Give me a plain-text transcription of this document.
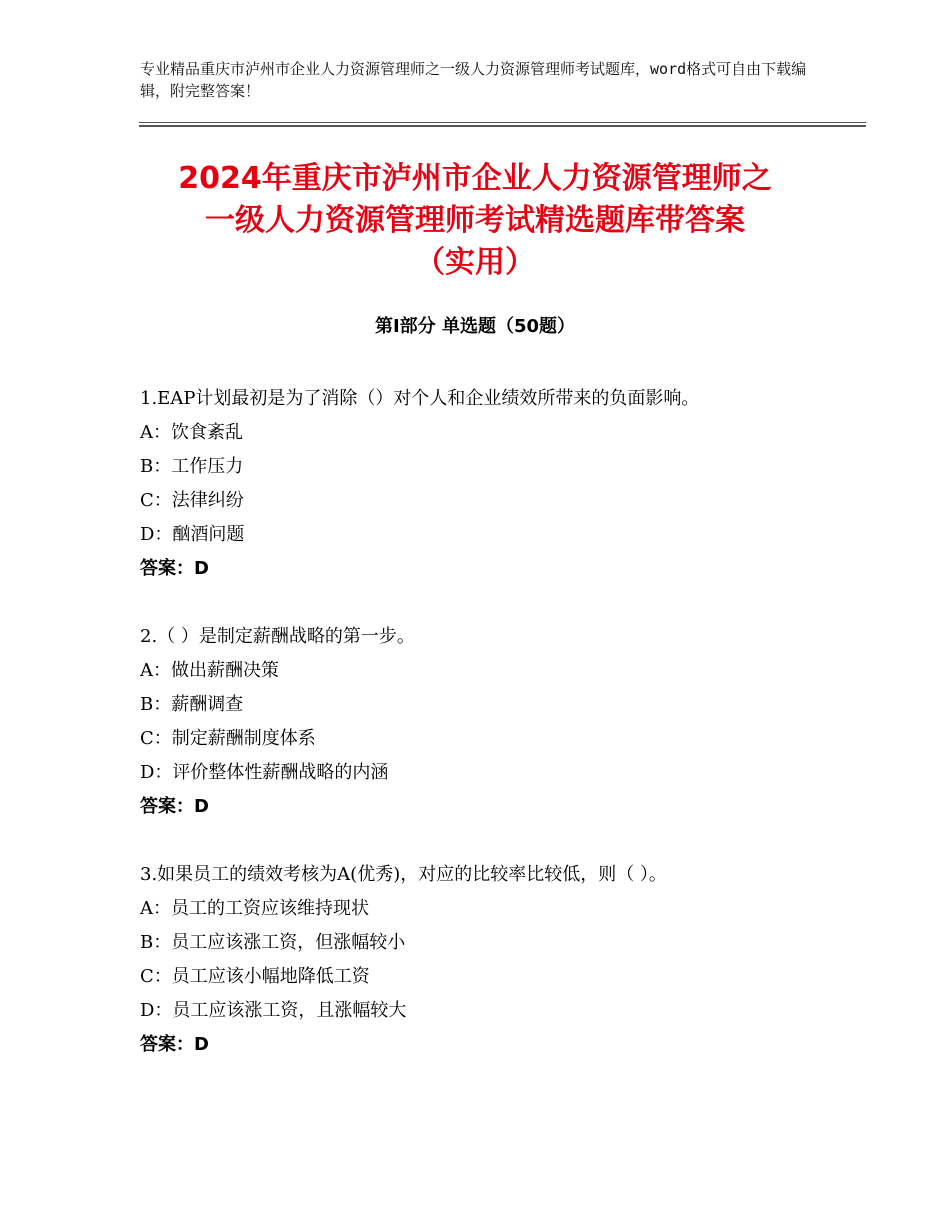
专业精品重庆市泸州市企业人力资源管理师之一级人力资源管理师考试题库，word格式可自由下载编辑，附完整答案！
2024年重庆市泸州市企业人力资源管理师之
一级人力资源管理师考试精选题库带答案
（实用）
第Ⅰ部分 单选题（50题）
1.EAP计划最初是为了消除（）对个人和企业绩效所带来的负面影响。
A：饮食紊乱
B：工作压力
C：法律纠纷
D：酗酒问题
答案：D
2.（ ）是制定薪酬战略的第一步。
A：做出薪酬决策
B：薪酬调查
C：制定薪酬制度体系
D：评价整体性薪酬战略的内涵
答案：D
3.如果员工的绩效考核为A(优秀)，对应的比较率比较低，则（ ）。
A：员工的工资应该维持现状
B：员工应该涨工资，但涨幅较小
C：员工应该小幅地降低工资
D：员工应该涨工资，且涨幅较大
答案：D
